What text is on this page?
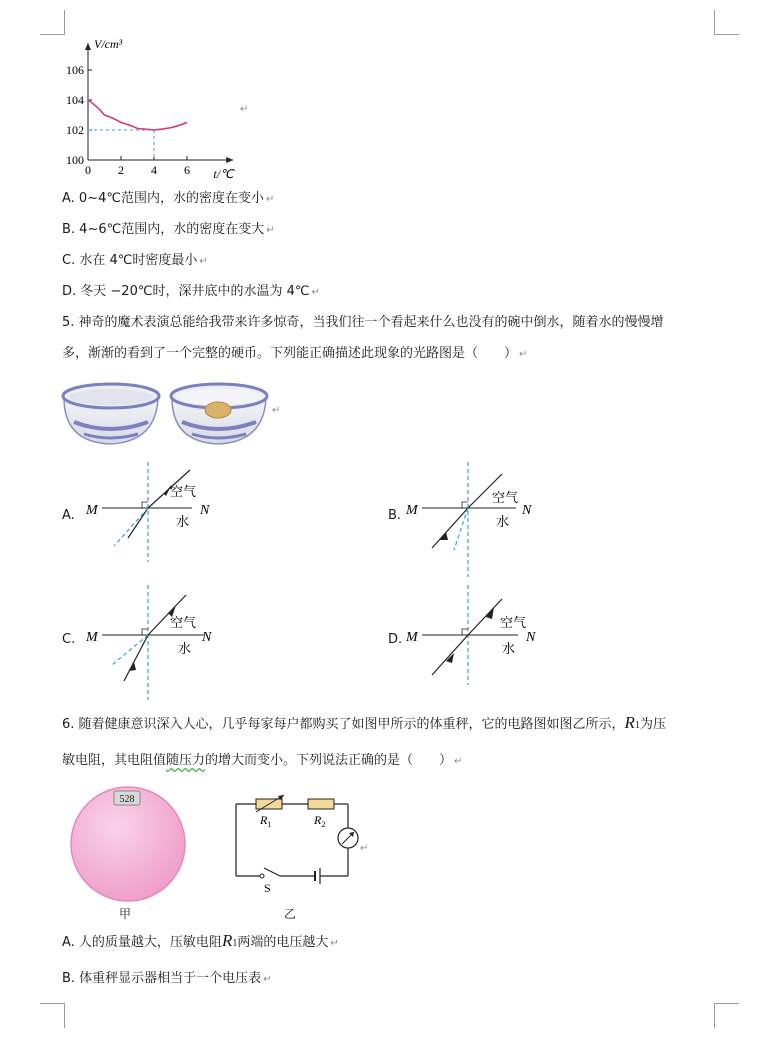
0 2 4 6
100
102
104
106
V/cm³
t/℃
↵
A. 0~4℃范围内，水的密度在变小 ↵
B. 4~6℃范围内，水的密度在变大 ↵
C. 水在 4℃时密度最小 ↵
D. 冬天 −20℃时，深井底中的水温为 4℃ ↵
5. 神奇的魔术表演总能给我带来许多惊奇，当我们往一个看起来什么也没有的碗中倒水，随着水的慢慢增
多，渐渐的看到了一个完整的硬币。下列能正确描述此现象的光路图是（　　） ↵
↵
A.	B.
C.	D.
M	N
空气
水
M	N
空气
水
M	N
空气
水
M	N
空气
水
6. 随着健康意识深入人心，几乎每家每户都购买了如图甲所示的体重秤，它的电路图如图乙所示，R1为压
敏电阻，其电阻值随压力的增大而变小。下列说法正确的是（　　） ↵
528
甲
$R_1$	$R_2$
S
↵
乙
A. 人的质量越大，压敏电阻R1两端的电压越大 ↵
B. 体重秤显示器相当于一个电压表 ↵
